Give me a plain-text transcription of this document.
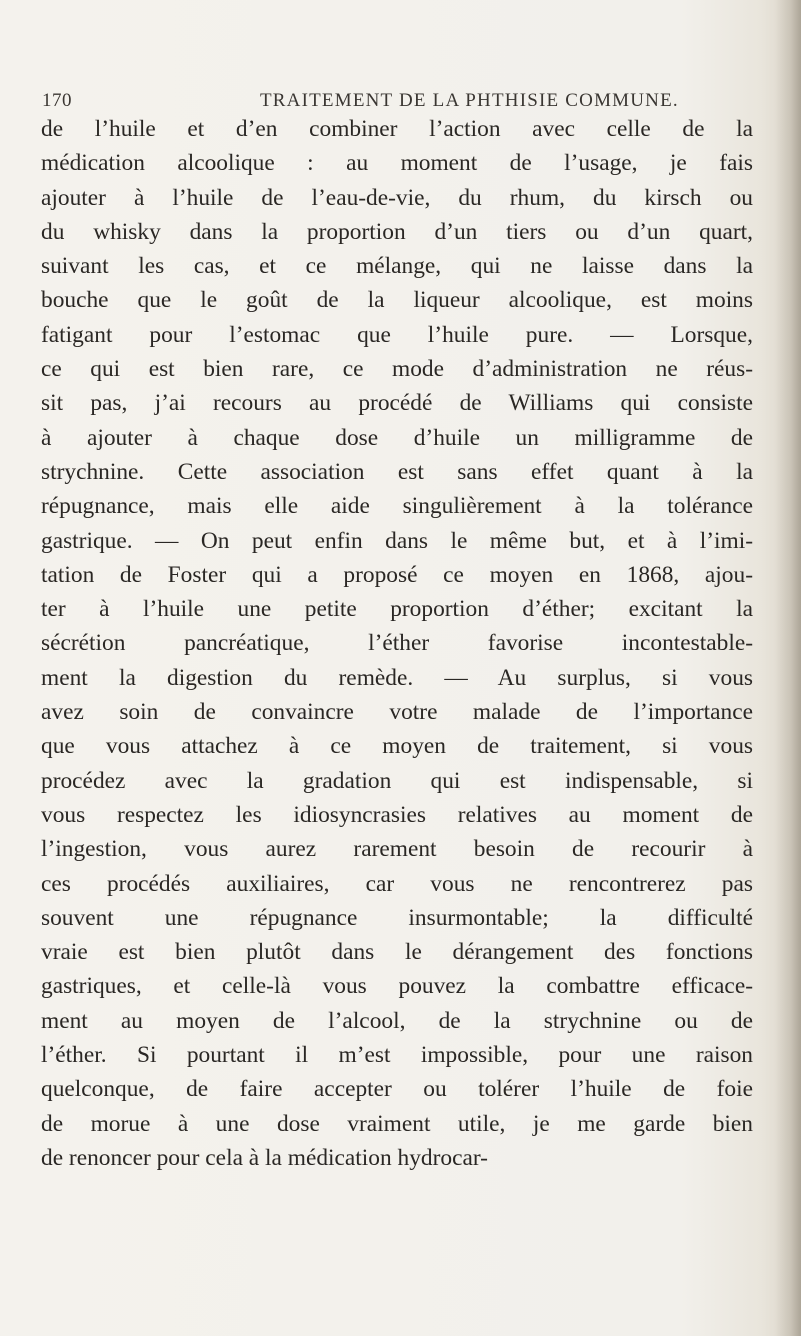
170	TRAITEMENT DE LA PHTHISIE COMMUNE.
de l’huile et d’en combiner l’action avec celle de la
médication alcoolique : au moment de l’usage, je fais
ajouter à l’huile de l’eau-de-vie, du rhum, du kirsch ou
du whisky dans la proportion d’un tiers ou d’un quart,
suivant les cas, et ce mélange, qui ne laisse dans la
bouche que le goût de la liqueur alcoolique, est moins
fatigant pour l’estomac que l’huile pure. — Lorsque,
ce qui est bien rare, ce mode d’administration ne réus-
sit pas, j’ai recours au procédé de Williams qui consiste
à ajouter à chaque dose d’huile un milligramme de
strychnine. Cette association est sans effet quant à la
répugnance, mais elle aide singulièrement à la tolérance
gastrique. — On peut enfin dans le même but, et à l’imi-
tation de Foster qui a proposé ce moyen en 1868, ajou-
ter à l’huile une petite proportion d’éther; excitant la
sécrétion pancréatique, l’éther favorise incontestable-
ment la digestion du remède. — Au surplus, si vous
avez soin de convaincre votre malade de l’importance
que vous attachez à ce moyen de traitement, si vous
procédez avec la gradation qui est indispensable, si
vous respectez les idiosyncrasies relatives au moment de
l’ingestion, vous aurez rarement besoin de recourir à
ces procédés auxiliaires, car vous ne rencontrerez pas
souvent une répugnance insurmontable; la difficulté
vraie est bien plutôt dans le dérangement des fonctions
gastriques, et celle-là vous pouvez la combattre efficace-
ment au moyen de l’alcool, de la strychnine ou de
l’éther. Si pourtant il m’est impossible, pour une raison
quelconque, de faire accepter ou tolérer l’huile de foie
de morue à une dose vraiment utile, je me garde bien
de renoncer pour cela à la médication hydrocar-
